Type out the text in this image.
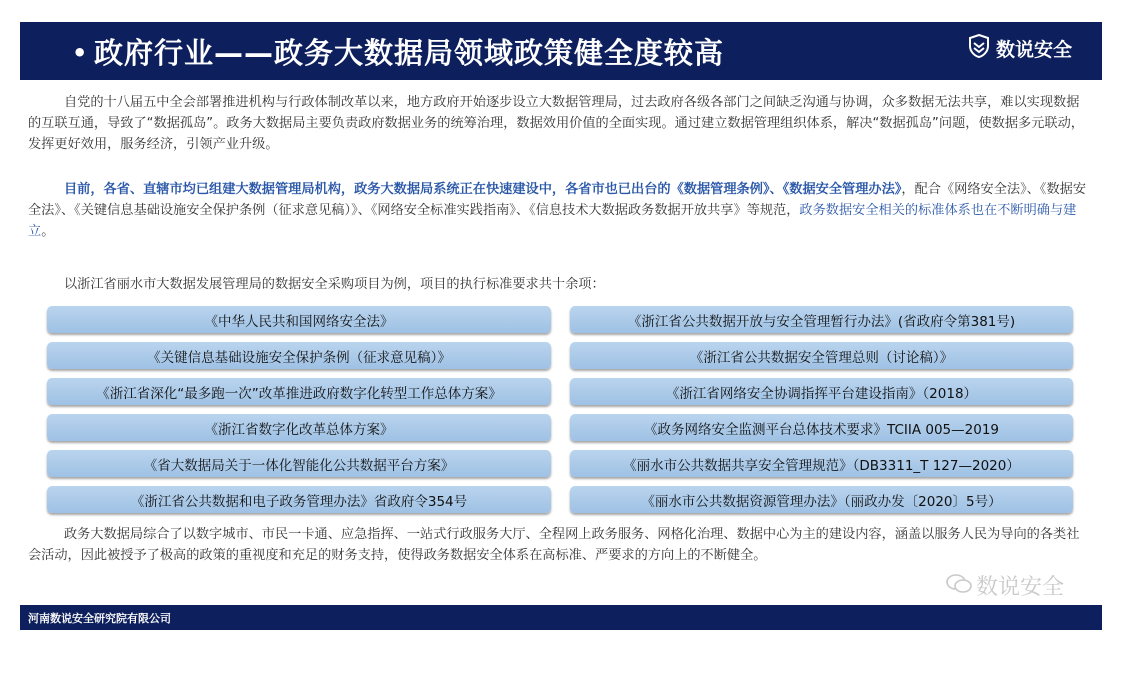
• 政府行业——政务大数据局领域政策健全度较高	数说安全
自党的十八届五中全会部署推进机构与行政体制改革以来，地方政府开始逐步设立大数据管理局，过去政府各级各部门之间缺乏沟通与协调，众多数据无法共享，难以实现数据的互联互通，导致了“数据孤岛”。政务大数据局主要负责政府数据业务的统筹治理，数据效用价值的全面实现。通过建立数据管理组织体系，解决“数据孤岛”问题，使数据多元联动，发挥更好效用，服务经济，引领产业升级。
目前，各省、直辖市均已组建大数据管理局机构，政务大数据局系统正在快速建设中，各省市也已出台的《数据管理条例》、《数据安全管理办法》，配合《网络安全法》、《数据安全法》、《关键信息基础设施安全保护条例（征求意见稿）》、《网络安全标准实践指南》、《信息技术大数据政务数据开放共享》等规范，政务数据安全相关的标准体系也在不断明确与建立。
以浙江省丽水市大数据发展管理局的数据安全采购项目为例，项目的执行标准要求共十余项：
《中华人民共和国网络安全法》
《关键信息基础设施安全保护条例（征求意见稿）》
《浙江省深化“最多跑一次”改革推进政府数字化转型工作总体方案》
《浙江省数字化改革总体方案》
《省大数据局关于一体化智能化公共数据平台方案》
《浙江省公共数据和电子政务管理办法》省政府令354号
《浙江省公共数据开放与安全管理暂行办法》(省政府令第381号)
《浙江省公共数据安全管理总则（讨论稿）》
《浙江省网络安全协调指挥平台建设指南》（2018）
《政务网络安全监测平台总体技术要求》TCIIA 005—2019
《丽水市公共数据共享安全管理规范》（DB3311_T 127—2020）
《丽水市公共数据资源管理办法》（丽政办发〔2020〕5号）
政务大数据局综合了以数字城市、市民一卡通、应急指挥、一站式行政服务大厅、全程网上政务服务、网格化治理、数据中心为主的建设内容，涵盖以服务人民为导向的各类社会活动，因此被授予了极高的政策的重视度和充足的财务支持，使得政务数据安全体系在高标准、严要求的方向上的不断健全。
数说安全
河南数说安全研究院有限公司
